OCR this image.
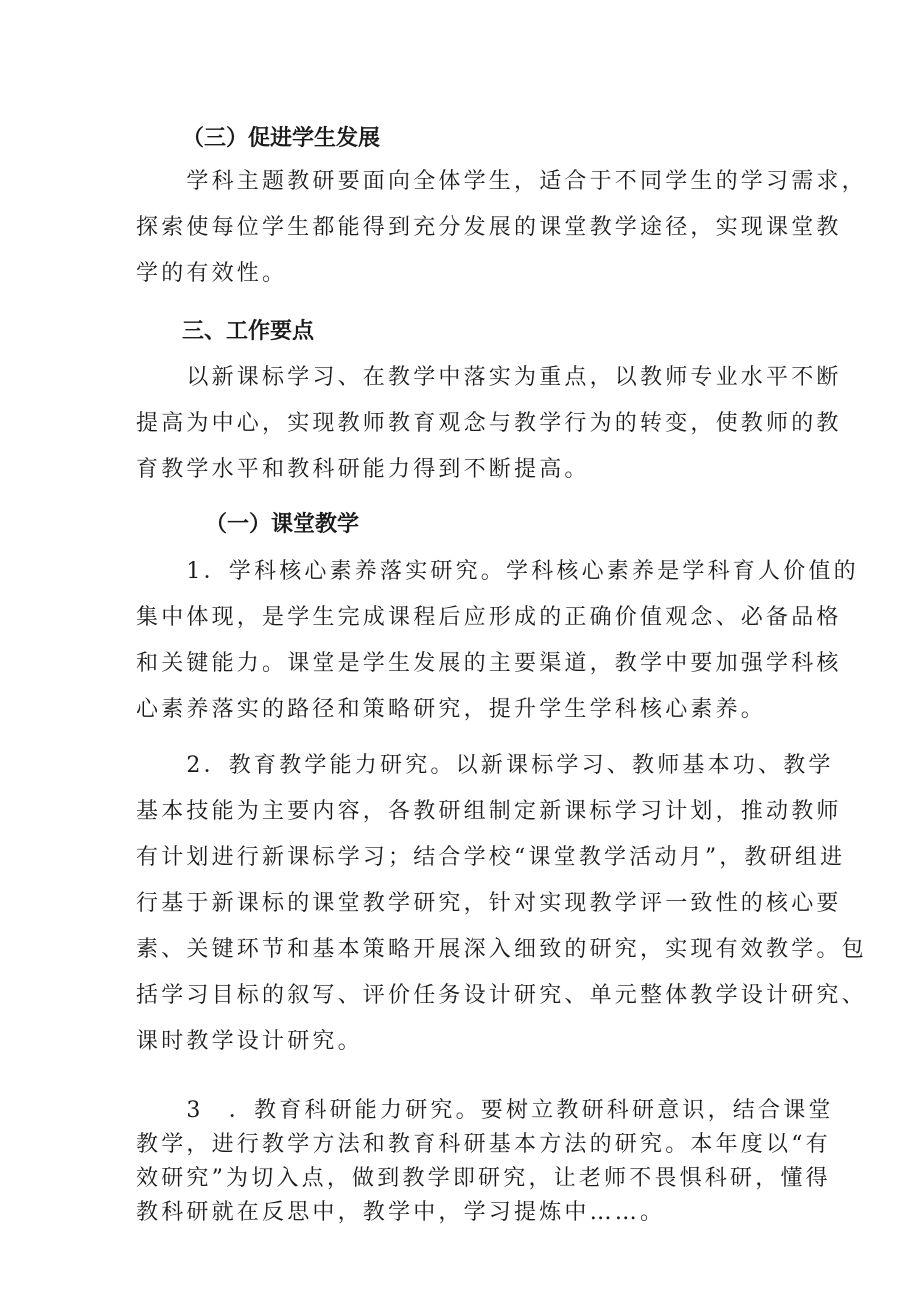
（三）促进学生发展
　　学科主题教研要面向全体学生，适合于不同学生的学习需求，
探索使每位学生都能得到充分发展的课堂教学途径，实现课堂教
学的有效性。
三、工作要点
　　以新课标学习、在教学中落实为重点，以教师专业水平不断
提高为中心，实现教师教育观念与教学行为的转变，使教师的教
育教学水平和教科研能力得到不断提高。
（一）课堂教学
　　1．学科核心素养落实研究。学科核心素养是学科育人价值的
集中体现，是学生完成课程后应形成的正确价值观念、必备品格
和关键能力。课堂是学生发展的主要渠道，教学中要加强学科核
心素养落实的路径和策略研究，提升学生学科核心素养。
　　2．教育教学能力研究。以新课标学习、教师基本功、教学
基本技能为主要内容，各教研组制定新课标学习计划，推动教师
有计划进行新课标学习；结合学校“课堂教学活动月”，教研组进
行基于新课标的课堂教学研究，针对实现教学评一致性的核心要
素、关键环节和基本策略开展深入细致的研究，实现有效教学。包
括学习目标的叙写、评价任务设计研究、单元整体教学设计研究、
课时教学设计研究。
　　3　．教育科研能力研究。要树立教研科研意识，结合课堂
教学，进行教学方法和教育科研基本方法的研究。本年度以“有
效研究”为切入点，做到教学即研究，让老师不畏惧科研，懂得
教科研就在反思中，教学中，学习提炼中……。
